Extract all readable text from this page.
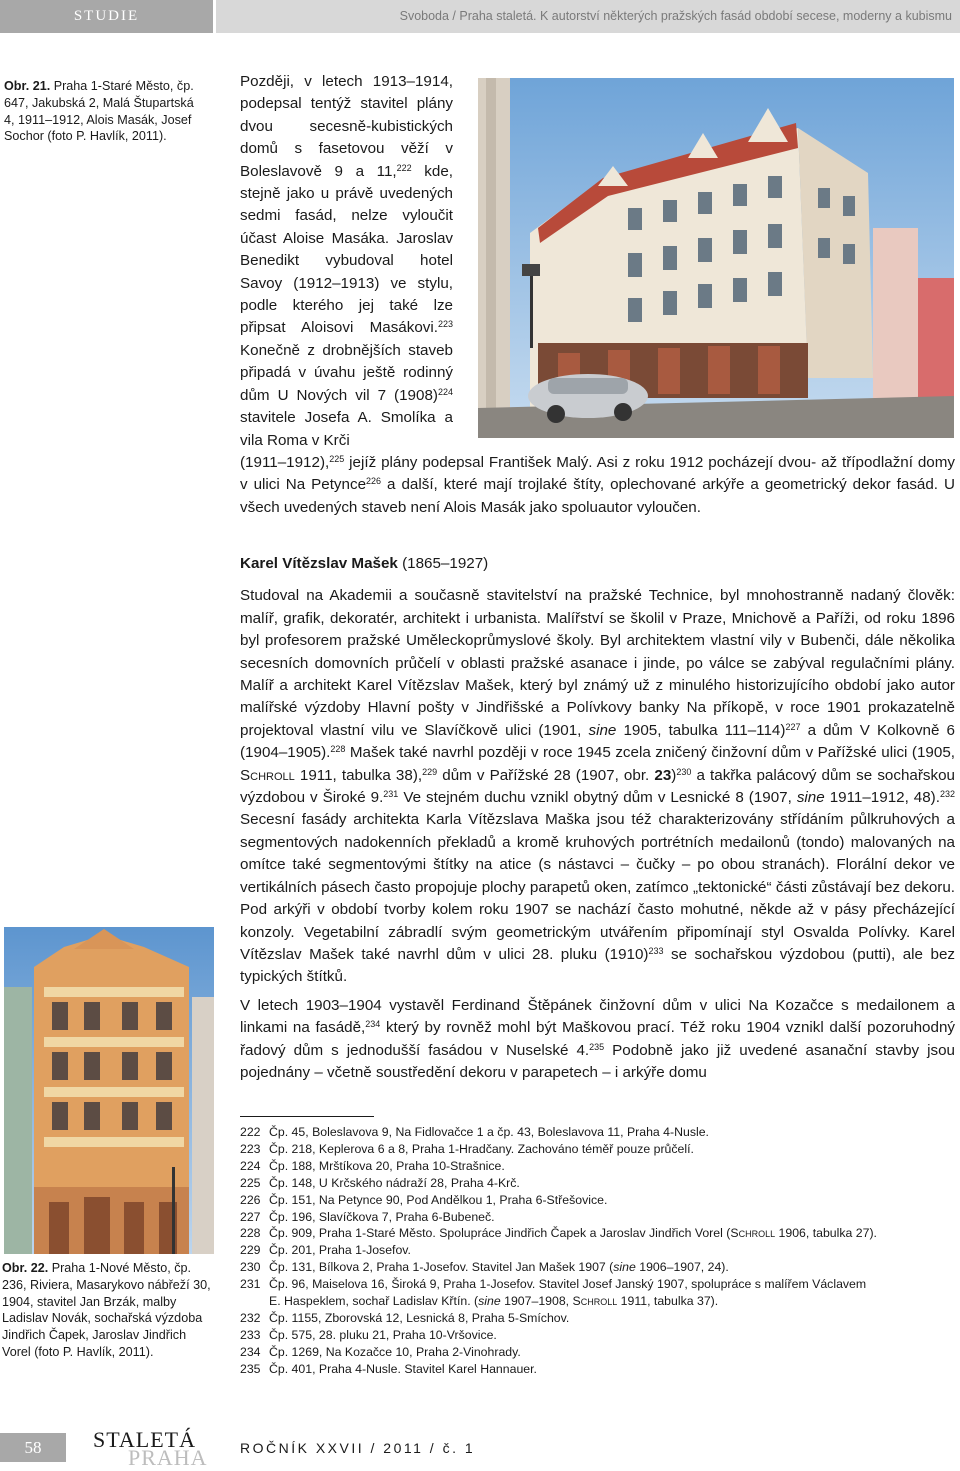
STUDIE	Svoboda / Praha staletá. K autorství některých pražských fasád období secese, moderny a kubismu
Obr. 21. Praha 1-Staré Město, čp. 647, Jakubská 2, Malá Štupartská 4, 1911–1912, Alois Masák, Josef Sochor (foto P. Havlík, 2011).

Později, v letech 1913–1914, podepsal tentýž stavitel plány dvou secesně-kubistických domů s fasetovou věží v Boleslavově 9 a 11,$^{222}$ kde, stejně jako u právě uvedených sedmi fasád, nelze vyloučit účast Aloise Masáka. Jaroslav Benedikt vybudoval hotel Savoy (1912–1913) ve stylu, podle kterého jej také lze připsat Aloisovi Masákovi.$^{223}$ Konečně z drobnějších staveb připadá v úvahu ještě rodinný dům U Nových vil 7 $(1908)^{224}$ stavitele Josefa A. Smolíka a vila Roma v Krči

(1911–1912),$^{225}$ jejíž plány podepsal František Malý. Asi z roku 1912 pocházejí dvou- až třípodlažní domy v ulici Na Petynce$^{226}$ a další, které mají trojlaké štíty, oplechované arkýře a geometrický dekor fasád. U všech uvedených staveb není Alois Masák jako spoluautor vyloučen.

Karel Vítězslav Mašek (1865–1927)

Studoval na Akademii a současně stavitelství na pražské Technice, byl mnohostranně nadaný člověk: malíř, grafik, dekoratér, architekt i urbanista. Malířství se školil v Praze, Mnichově a Paříži, od roku 1896 byl profesorem pražské Uměleckoprůmyslové školy. Byl architektem vlastní vily v Bubenči, dále několika secesních domovních průčelí v oblasti pražské asanace i jinde, po válce se zabýval regulačními plány. Malíř a architekt Karel Vítězslav Mašek, který byl známý už z minulého historizujícího období jako autor malířské výzdoby Hlavní pošty v Jindřišské a Polívkovy banky Na příkopě, v roce 1901 prokazatelně projektoval vlastní vilu ve Slavíčkově ulici (1901, sine 1905, tabulka 111–114)$^{227}$ a dům V Kolkovně 6 (1904–1905).$^{228}$ Mašek také navrhl později v roce 1945 zcela zničený činžovní dům v Pařížské ulici (1905, Schroll 1911, tabulka 38),$^{229}$ dům v Pařížské 28 (1907, obr. 23)$^{230}$ a takřka palácový dům se sochařskou výzdobou v Široké 9.$^{231}$ Ve stejném duchu vznikl obytný dům v Lesnické 8 (1907, sine 1911–1912, 48).$^{232}$ Secesní fasády architekta Karla Vítězslava Maška jsou též charakterizovány střídáním půlkruhových a segmentových nadokenních překladů a kromě kruhových portrétních medailonů (tondo) malovaných na omítce také segmentovými štítky na atice (s nástavci – čučky – po obou stranách). Florální dekor ve vertikálních pásech často propojuje plochy parapetů oken, zatímco „tektonické“ části zůstávají bez dekoru. Pod arkýři v období tvorby kolem roku 1907 se nachází často mohutné, někde až v pásy přecházející konzoly. Vegetabilní zábradlí svým geometrickým utvářením připomínají styl Osvalda Polívky. Karel Vítězslav Mašek také navrhl dům v ulici 28. pluku $(1910)^{233}$ se sochařskou výzdobou (putti), ale bez typických štítků.

V letech 1903–1904 vystavěl Ferdinand Štěpánek činžovní dům v ulici Na Kozačce s medailonem a linkami na fasádě,$^{234}$ který by rovněž mohl být Maškovou prací. Též roku 1904 vznikl další pozoruhodný řadový dům s jednodušší fasádou v Nuselské 4.$^{235}$ Podobně jako již uvedené asanační stavby jsou pojednány – včetně soustředění dekoru v parapetech – i arkýře domu

Obr. 22. Praha 1-Nové Město, čp. 236, Riviera, Masarykovo nábřeží 30, 1904, stavitel Jan Brzák, malby Ladislav Novák, sochařská výzdoba Jindřich Čapek, Jaroslav Jindřich Vorel (foto P. Havlík, 2011).
222 Čp. 45, Boleslavova 9, Na Fidlovačce 1 a čp. 43, Boleslavova 11, Praha 4-Nusle.
223 Čp. 218, Keplerova 6 a 8, Praha 1-Hradčany. Zachováno téměř pouze průčelí.
224 Čp. 188, Mrštíkova 20, Praha 10-Strašnice.
225 Čp. 148, U Krčského nádraží 28, Praha 4-Krč.
226 Čp. 151, Na Petynce 90, Pod Andělkou 1, Praha 6-Střešovice.
227 Čp. 196, Slavíčkova 7, Praha 6-Bubeneč.
228 Čp. 909, Praha 1-Staré Město. Spolupráce Jindřich Čapek a Jaroslav Jindřich Vorel (Schroll 1906, tabulka 27).
229 Čp. 201, Praha 1-Josefov.
230 Čp. 131, Bílkova 2, Praha 1-Josefov. Stavitel Jan Mašek 1907 (sine 1906–1907, 24).
231 Čp. 96, Maiselova 16, Široká 9, Praha 1-Josefov. Stavitel Josef Janský 1907, spolupráce s malířem Václavem
E. Haspeklem, sochař Ladislav Křtín. (sine 1907–1908, Schroll 1911, tabulka 37).
232 Čp. 1155, Zborovská 12, Lesnická 8, Praha 5-Smíchov.
233 Čp. 575, 28. pluku 21, Praha 10-Vršovice.
234 Čp. 1269, Na Kozačce 10, Praha 2-Vinohrady.
235 Čp. 401, Praha 4-Nusle. Stavitel Karel Hannauer.
58	STALETÁ
PRAHA ROČNÍK XXVII / 2011 / č. 1
